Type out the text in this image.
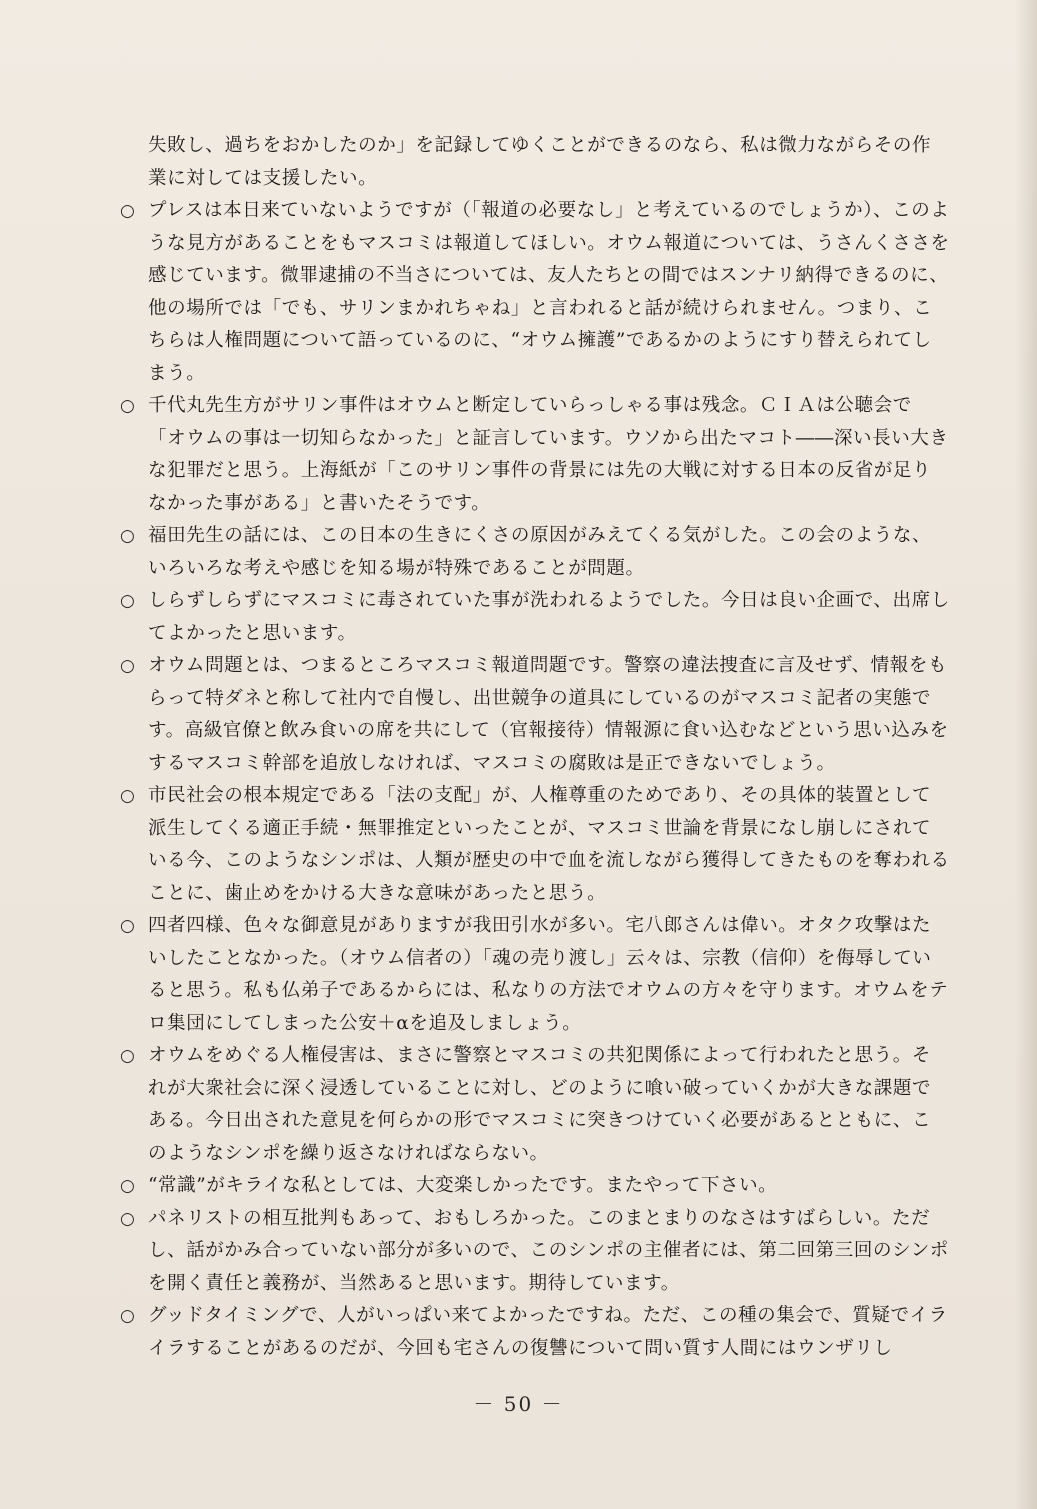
失敗し、過ちをおかしたのか」を記録してゆくことができるのなら、私は微力ながらその作業に対しては支援したい。

○ プレスは本日来ていないようですが（「報道の必要なし」と考えているのでしょうか）、このような見方があることをもマスコミは報道してほしい。オウム報道については、うさんくささを感じています。微罪逮捕の不当さについては、友人たちとの間ではスンナリ納得できるのに、他の場所では「でも、サリンまかれちゃね」と言われると話が続けられません。つまり、こちらは人権問題について語っているのに、“オウム擁護”であるかのようにすり替えられてしまう。
○ 千代丸先生方がサリン事件はオウムと断定していらっしゃる事は残念。ＣＩＡは公聴会で「オウムの事は一切知らなかった」と証言しています。ウソから出たマコト――深い長い大きな犯罪だと思う。上海紙が「このサリン事件の背景には先の大戦に対する日本の反省が足りなかった事がある」と書いたそうです。
○ 福田先生の話には、この日本の生きにくさの原因がみえてくる気がした。この会のような、いろいろな考えや感じを知る場が特殊であることが問題。
○ しらずしらずにマスコミに毒されていた事が洗われるようでした。今日は良い企画で、出席してよかったと思います。
○ オウム問題とは、つまるところマスコミ報道問題です。警察の違法捜査に言及せず、情報をもらって特ダネと称して社内で自慢し、出世競争の道具にしているのがマスコミ記者の実態です。高級官僚と飲み食いの席を共にして（官報接待）情報源に食い込むなどという思い込みをするマスコミ幹部を追放しなければ、マスコミの腐敗は是正できないでしょう。
○ 市民社会の根本規定である「法の支配」が、人権尊重のためであり、その具体的装置として派生してくる適正手続・無罪推定といったことが、マスコミ世論を背景になし崩しにされている今、このようなシンポは、人類が歴史の中で血を流しながら獲得してきたものを奪われることに、歯止めをかける大きな意味があったと思う。
○ 四者四様、色々な御意見がありますが我田引水が多い。宅八郎さんは偉い。オタク攻撃はたいしたことなかった。（オウム信者の）「魂の売り渡し」云々は、宗教（信仰）を侮辱していると思う。私も仏弟子であるからには、私なりの方法でオウムの方々を守ります。オウムをテロ集団にしてしまった公安＋αを追及しましょう。
○ オウムをめぐる人権侵害は、まさに警察とマスコミの共犯関係によって行われたと思う。それが大衆社会に深く浸透していることに対し、どのように喰い破っていくかが大きな課題である。今日出された意見を何らかの形でマスコミに突きつけていく必要があるとともに、このようなシンポを繰り返さなければならない。
○ “常識”がキライな私としては、大変楽しかったです。またやって下さい。
○ パネリストの相互批判もあって、おもしろかった。このまとまりのなさはすばらしい。ただし、話がかみ合っていない部分が多いので、このシンポの主催者には、第二回第三回のシンポを開く責任と義務が、当然あると思います。期待しています。
○ グッドタイミングで、人がいっぱい来てよかったですね。ただ、この種の集会で、質疑でイライラすることがあるのだが、今回も宅さんの復讐について問い質す人間にはウンザリし
－ 50 －
